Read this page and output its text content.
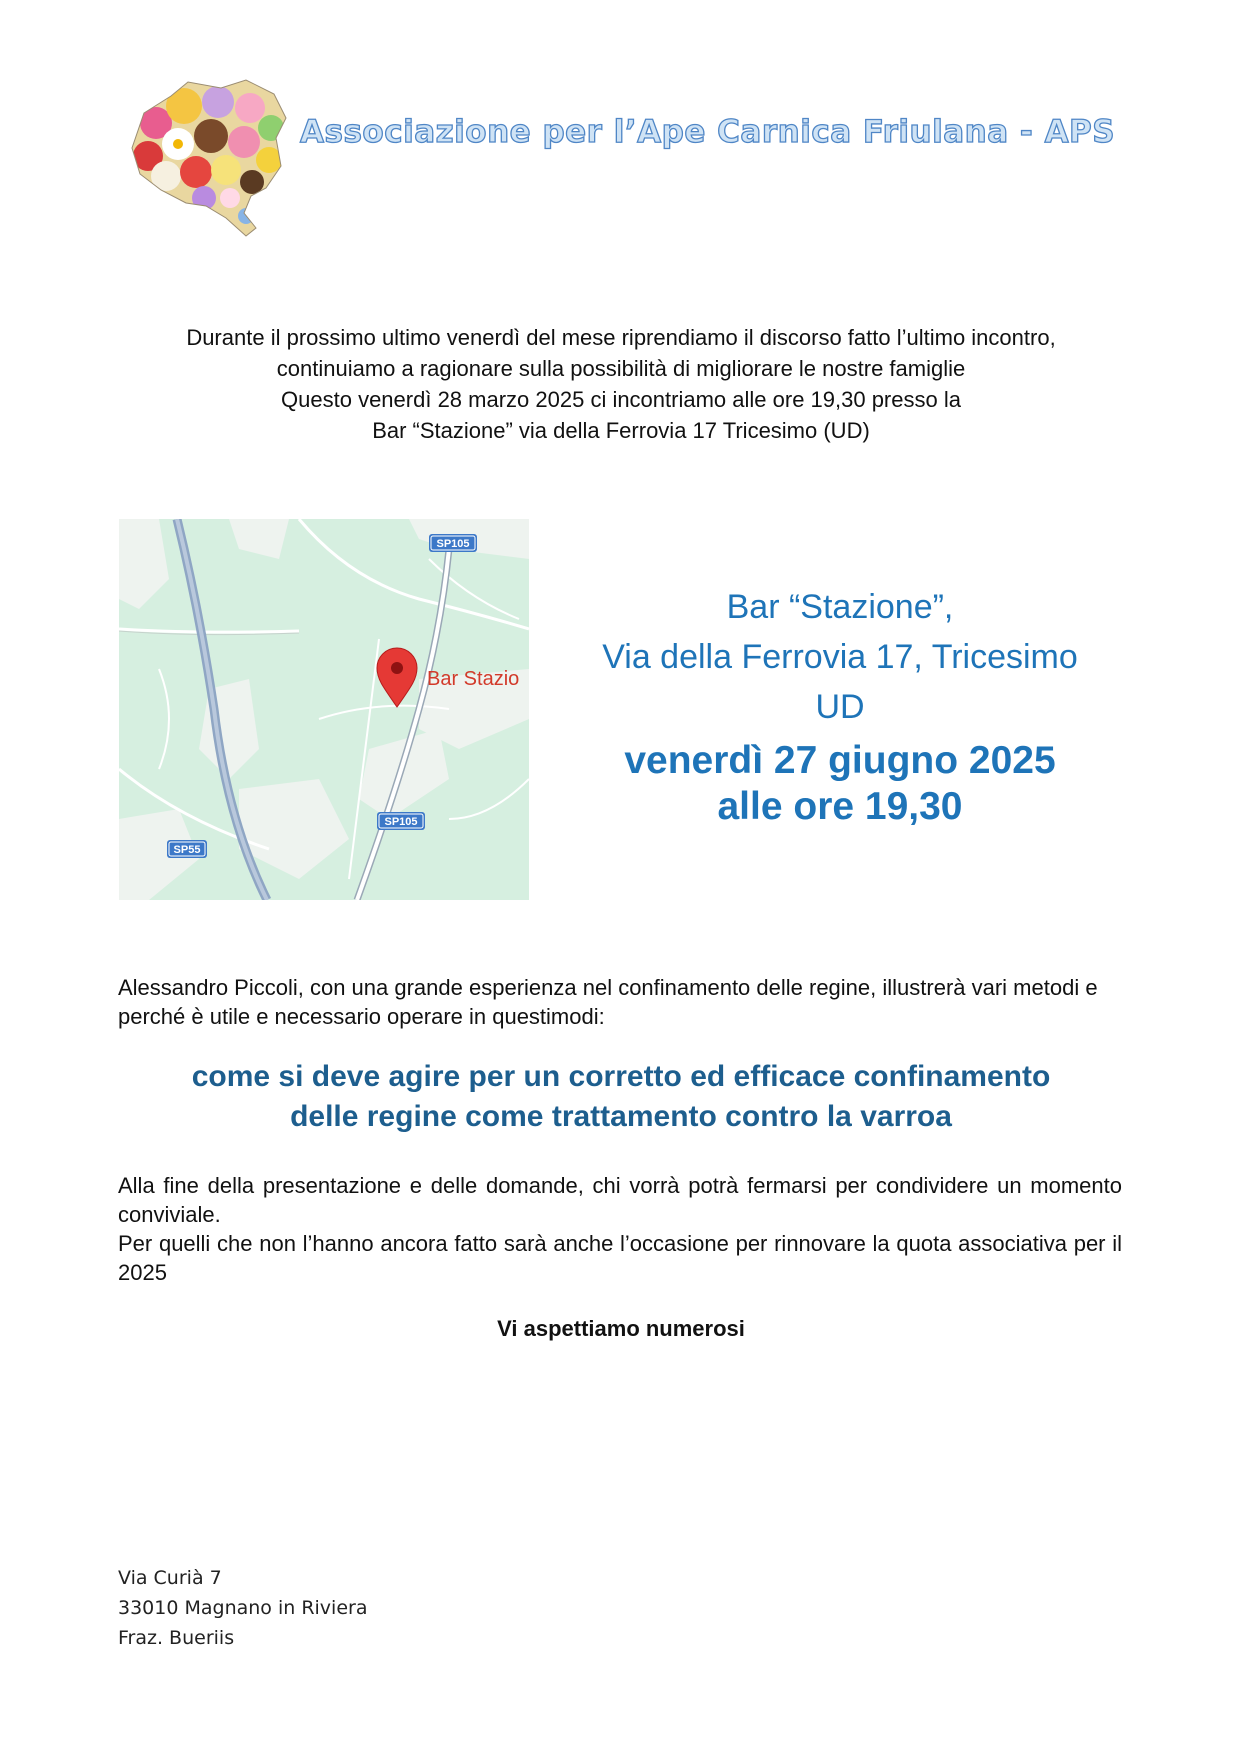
Associazione per l’Ape Carnica Friulana - APS
Durante il prossimo ultimo venerdì del mese riprendiamo il discorso fatto l’ultimo incontro,
continuiamo a ragionare sulla possibilità di migliorare le nostre famiglie
Questo venerdì 28 marzo 2025 ci incontriamo alle ore 19,30 presso la
Bar “Stazione” via della Ferrovia 17 Tricesimo (UD)
SP105
SP105
SP55
Bar Stazio
Bar “Stazione”,
Via della Ferrovia 17, Tricesimo
UD
venerdì 27 giugno 2025
alle ore 19,30
Alessandro Piccoli, con una grande esperienza nel confinamento delle regine, illustrerà vari metodi e perché è utile e necessario operare in questimodi:
come si deve agire per un corretto ed efficace confinamento
delle regine come trattamento contro la varroa

Alla fine della presentazione e delle domande, chi vorrà potrà fermarsi per condividere un momento conviviale.

Per quelli che non l’hanno ancora fatto sarà anche l’occasione per rinnovare la quota associativa per il 2025

Vi aspettiamo numerosi
Via Curià 7
33010 Magnano in Riviera
Fraz. Bueriis
